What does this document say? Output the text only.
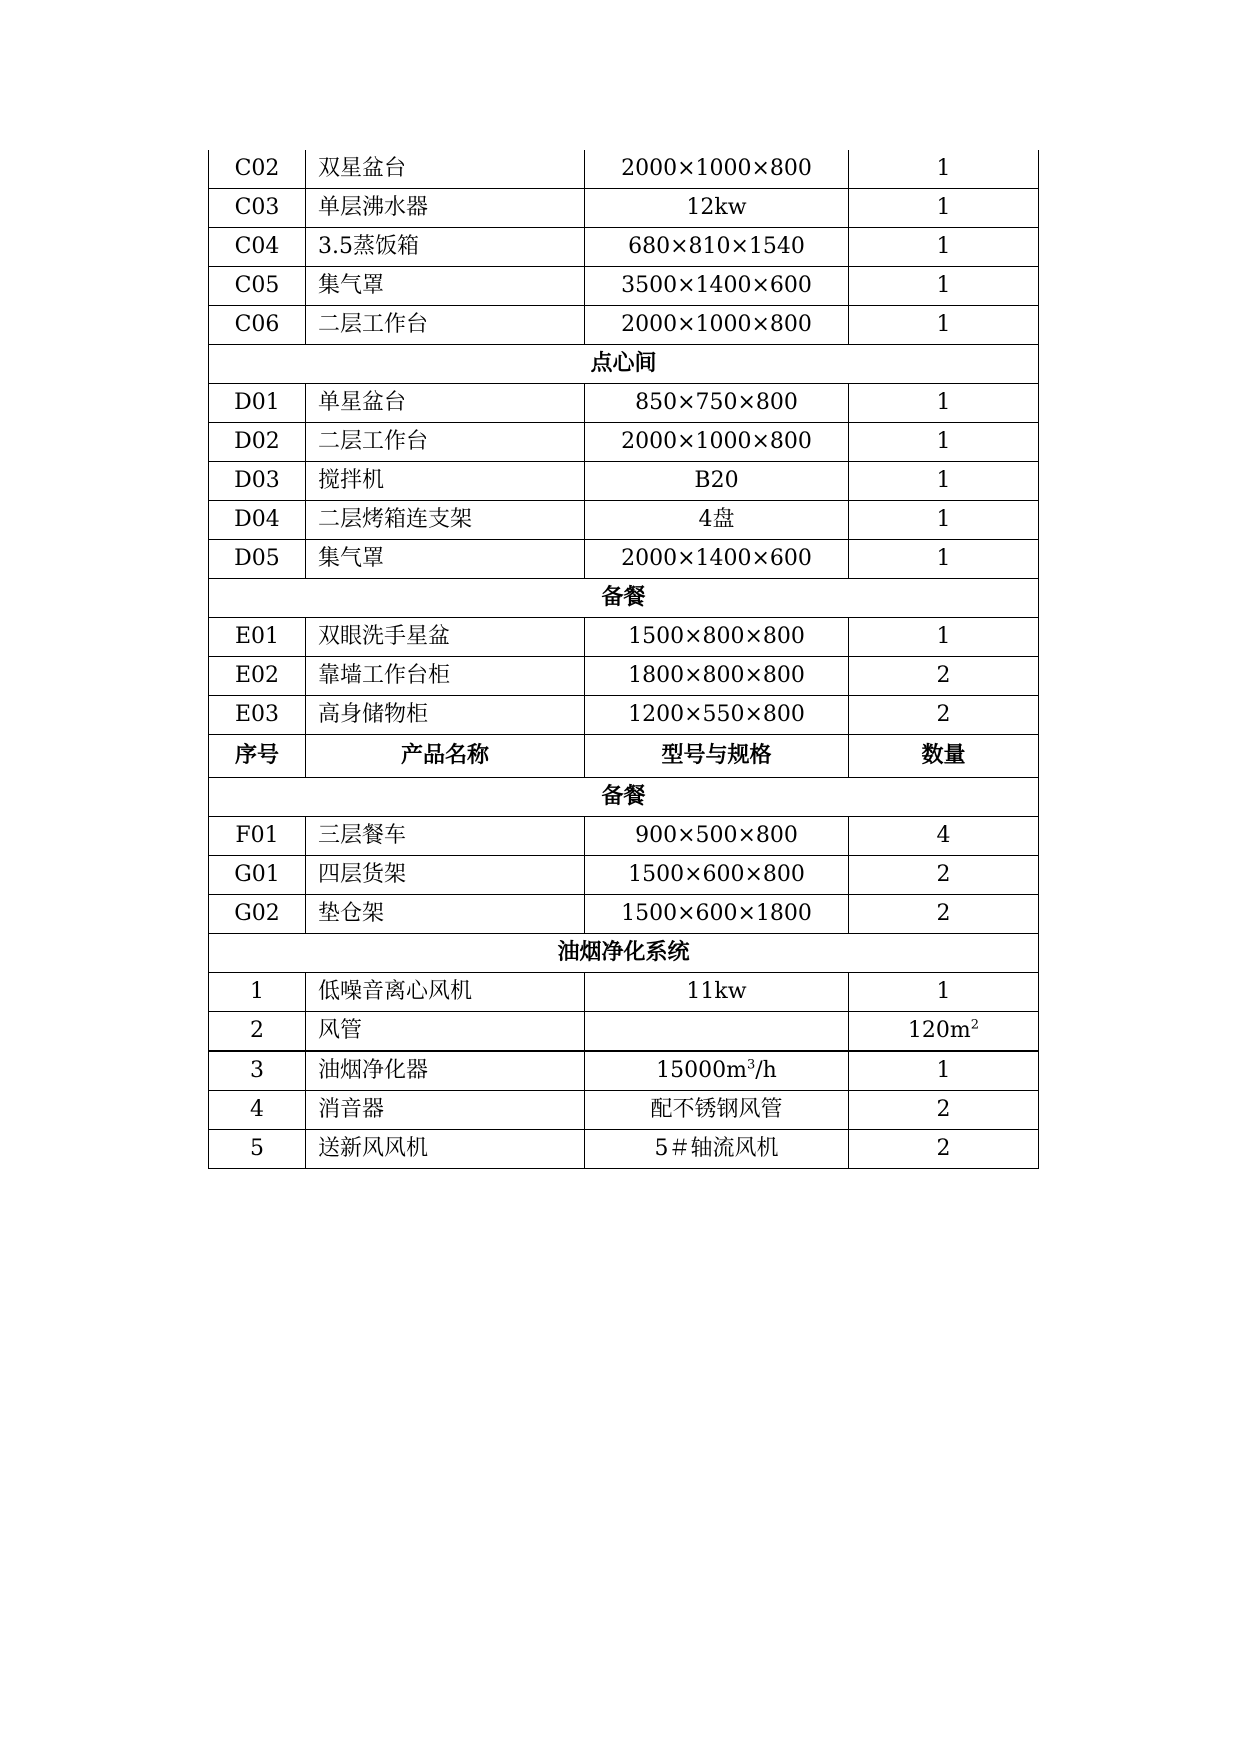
C02	双星盆台	2000×1000×800	1
C03	单层沸水器	12kw	1
C04	3.5蒸饭箱	680×810×1540	1
C05	集气罩	3500×1400×600	1
C06	二层工作台	2000×1000×800	1
点心间			
D01	单星盆台	850×750×800	1
D02	二层工作台	2000×1000×800	1
D03	搅拌机	B20	1
D04	二层烤箱连支架	4盘	1
D05	集气罩	2000×1400×600	1
备餐			
E01	双眼洗手星盆	1500×800×800	1
E02	靠墙工作台柜	1800×800×800	2
E03	高身储物柜	1200×550×800	2
序号	产品名称	型号与规格	数量
备餐			
F01	三层餐车	900×500×800	4
G01	四层货架	1500×600×800	2
G02	垫仓架	1500×600×1800	2
油烟净化系统			
1	低噪音离心风机	11kw	1
2	风管		$120m^2$
3	油烟净化器	$15000m^3/h$	1
4	消音器	配不锈钢风管	2
5	送新风风机	5＃轴流风机	2
